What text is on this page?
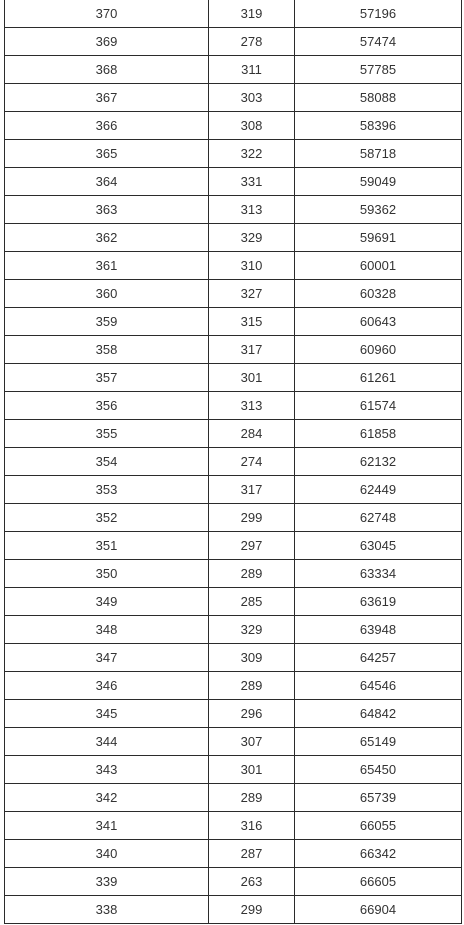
370	319	57196
369	278	57474
368	311	57785
367	303	58088
366	308	58396
365	322	58718
364	331	59049
363	313	59362
362	329	59691
361	310	60001
360	327	60328
359	315	60643
358	317	60960
357	301	61261
356	313	61574
355	284	61858
354	274	62132
353	317	62449
352	299	62748
351	297	63045
350	289	63334
349	285	63619
348	329	63948
347	309	64257
346	289	64546
345	296	64842
344	307	65149
343	301	65450
342	289	65739
341	316	66055
340	287	66342
339	263	66605
338	299	66904
